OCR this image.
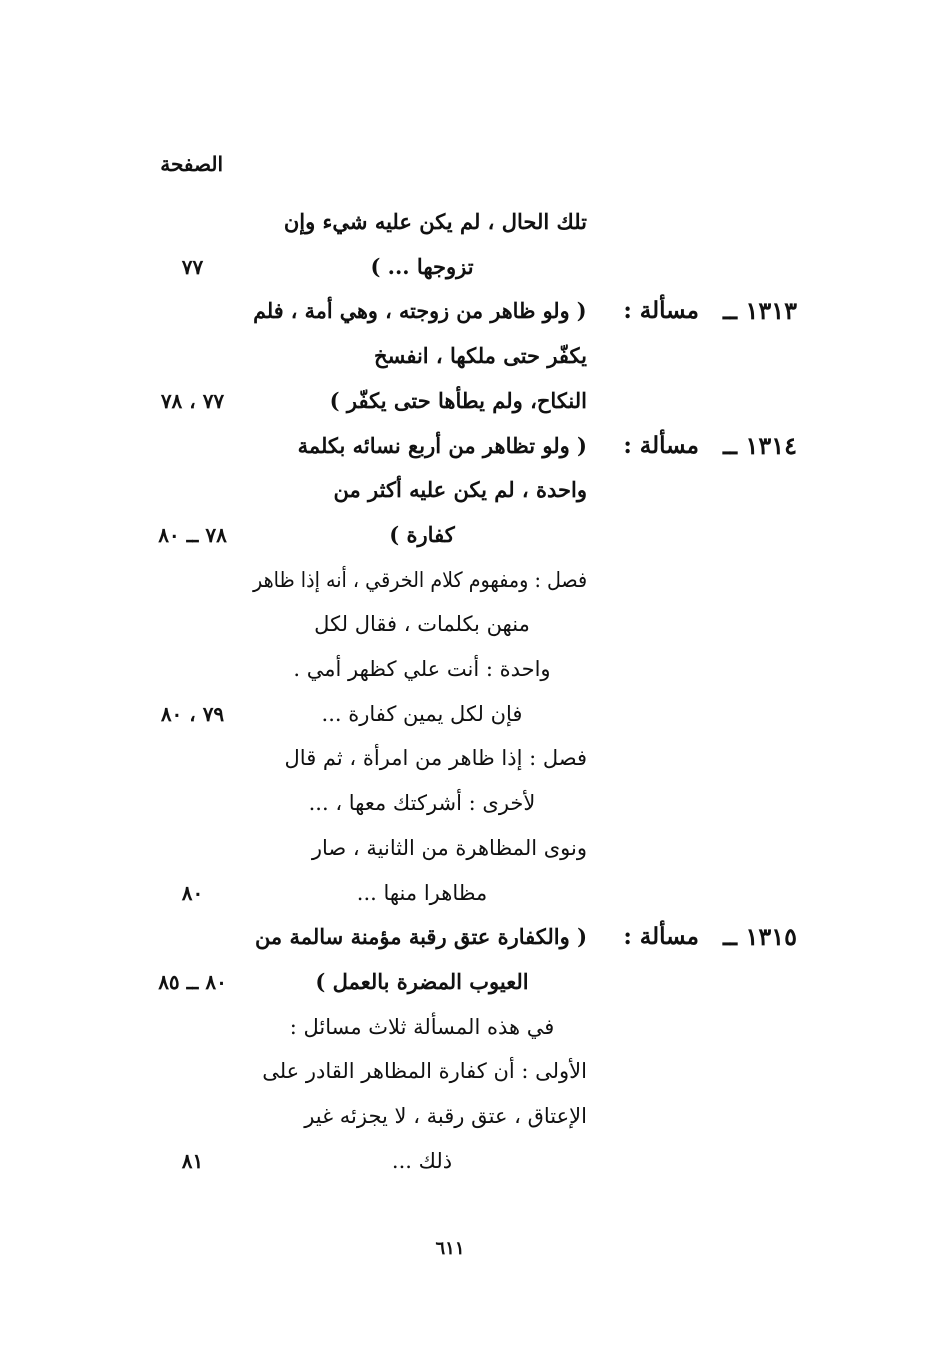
الصفحة
تلك الحال ، لم يكن عليه شيء وإن
تزوجها ... )
٧٧
١٣١٣ ــ
مسألة :
( ولو ظاهر من زوجته ، وهي أمة ، فلم
يكفّر حتى ملكها ، انفسخ
النكاح، ولم يطأها حتى يكفّر )
٧٧ ، ٧٨
١٣١٤ ــ
مسألة :
( ولو تظاهر من أربع نسائه بكلمة
واحدة ، لم يكن عليه أكثر من
كفارة )
٧٨ ــ ٨٠
فصل : ومفهوم كلام الخرقي ، أنه إذا ظاهر
منهن بكلمات ، فقال لكل
واحدة : أنت علي كظهر أمي .
فإن لكل يمين كفارة ...
٧٩ ، ٨٠
فصل : إذا ظاهر من امرأة ، ثم قال
لأخرى : أشركتك معها ، ...
ونوى المظاهرة من الثانية ، صار
مظاهرا منها ...
٨٠
١٣١٥ ــ
مسألة :
( والكفارة عتق رقبة مؤمنة سالمة من
العيوب المضرة بالعمل )
٨٠ ــ ٨٥
في هذه المسألة ثلاث مسائل :
الأولى : أن كفارة المظاهر القادر على
الإعتاق ، عتق رقبة ، لا يجزئه غير
ذلك ...
٨١
٦١١
